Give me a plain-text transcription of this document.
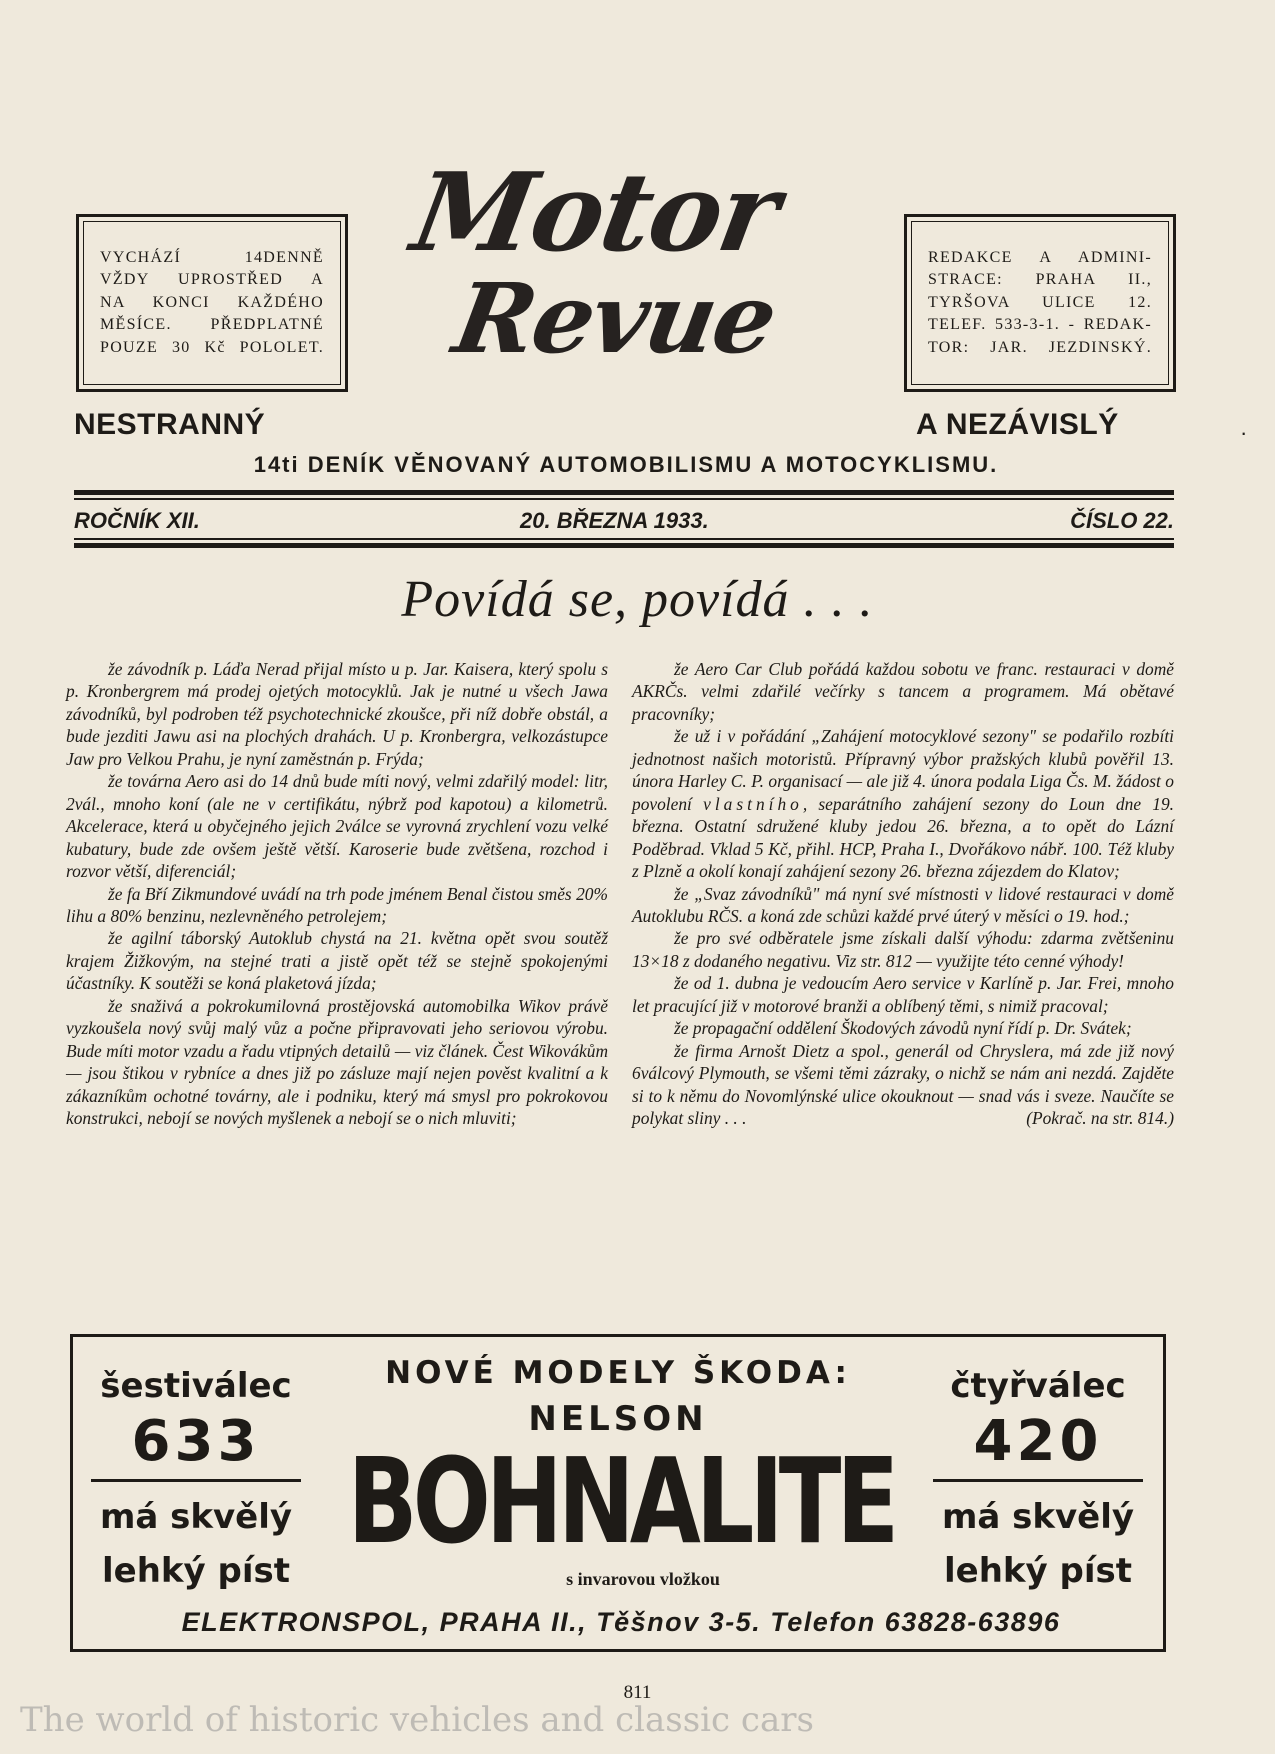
VYCHÁZÍ 14DENNĚ
VŽDY UPROSTŘED A
NA KONCI KAŽDÉHO
MĚSÍCE. PŘEDPLATNÉ
POUZE 30 Kč POLOLET.
REDAKCE A ADMINI-
STRACE: PRAHA II.,
TYRŠOVA ULICE 12.
TELEF. 533-3-1. - REDAK-
TOR: JAR. JEZDINSKÝ.
Motor
Revue
NESTRANNÝ	A NEZÁVISLÝ	·
14ti DENÍK VĚNOVANÝ AUTOMOBILISMU A MOTOCYKLISMU.
ROČNÍK XII.	20. BŘEZNA 1933.	ČÍSLO 22.
Povídá se, povídá . . .

že závodník p. Láďa Nerad přijal místo u p. Jar. Kaisera, který spolu s p. Kronbergrem má prodej ojetých motocyklů. Jak je nutné u všech Jawa závodníků, byl podroben též psychotechnické zkoušce, při níž dobře obstál, a bude jezditi Jawu asi na plochých drahách. U p. Kronbergra, velkozástupce Jaw pro Velkou Prahu, je nyní zaměstnán p. Frýda;

že továrna Aero asi do 14 dnů bude míti nový, velmi zdařilý model: litr, 2vál., mnoho koní (ale ne v certifikátu, nýbrž pod kapotou) a kilometrů. Akcelerace, která u obyčejného jejich 2válce se vyrovná zrychlení vozu velké kubatury, bude zde ovšem ještě větší. Karoserie bude zvětšena, rozchod i rozvor větší, diferenciál;

že fa Bří Zikmundové uvádí na trh pode jménem Benal čistou směs 20% lihu a 80% benzinu, nezlevněného petrolejem;

že agilní táborský Autoklub chystá na 21. května opět svou soutěž krajem Žižkovým, na stejné trati a jistě opět též se stejně spokojenými účastníky. K soutěži se koná plaketová jízda;

že snaživá a pokrokumilovná prostějovská automobilka Wikov právě vyzkoušela nový svůj malý vůz a počne připravovati jeho seriovou výrobu. Bude míti motor vzadu a řadu vtipných detailů — viz článek. Čest Wikovákům — jsou štikou v rybníce a dnes již po zásluze mají nejen pověst kvalitní a k zákazníkům ochotné továrny, ale i podniku, který má smysl pro pokrokovou konstrukci, nebojí se nových myšlenek a nebojí se o nich mluviti;

že Aero Car Club pořádá každou sobotu ve franc. restauraci v domě AKRČs. velmi zdařilé večírky s tancem a programem. Má obětavé pracovníky;

že už i v pořádání „Zahájení motocyklové sezony" se podařilo rozbíti jednotnost našich motoristů. Přípravný výbor pražských klubů pověřil 13. února Harley C. P. organisací — ale již 4. února podala Liga Čs. M. žádost o povolení vlastního, separátního zahájení sezony do Loun dne 19. března. Ostatní sdružené kluby jedou 26. března, a to opět do Lázní Poděbrad. Vklad 5 Kč, přihl. HCP, Praha I., Dvořákovo nábř. 100. Též kluby z Plzně a okolí konají zahájení sezony 26. března zájezdem do Klatov;

že „Svaz závodníků" má nyní své místnosti v lidové restauraci v domě Autoklubu RČS. a koná zde schůzi každé prvé úterý v měsíci o 19. hod.;

že pro své odběratele jsme získali další výhodu: zdarma zvětšeninu 13×18 z dodaného negativu. Viz str. 812 — využijte této cenné výhody!

že od 1. dubna je vedoucím Aero service v Karlíně p. Jar. Frei, mnoho let pracující již v motorové branži a oblíbený těmi, s nimiž pracoval;

že propagační oddělení Škodových závodů nyní řídí p. Dr. Svátek;

že firma Arnošt Dietz a spol., generál od Chryslera, má zde již nový 6válcový Plymouth, se všemi těmi zázraky, o nichž se nám ani nezdá. Zajděte si to k němu do Novomlýnské ulice okouknout — snad vás i sveze. Naučíte se polykat sliny . . .	(Pokrač. na str. 814.)

šestiválec
633
má skvělý
lehký píst
NOVÉ MODELY ŠKODA:
NELSON
BOHNALITE
s invarovou vložkou
čtyřválec
420
má skvělý
lehký píst
ELEKTRONSPOL, PRAHA II., Těšnov 3-5. Telefon 63828-63896
811
The world of historic vehicles and classic cars
